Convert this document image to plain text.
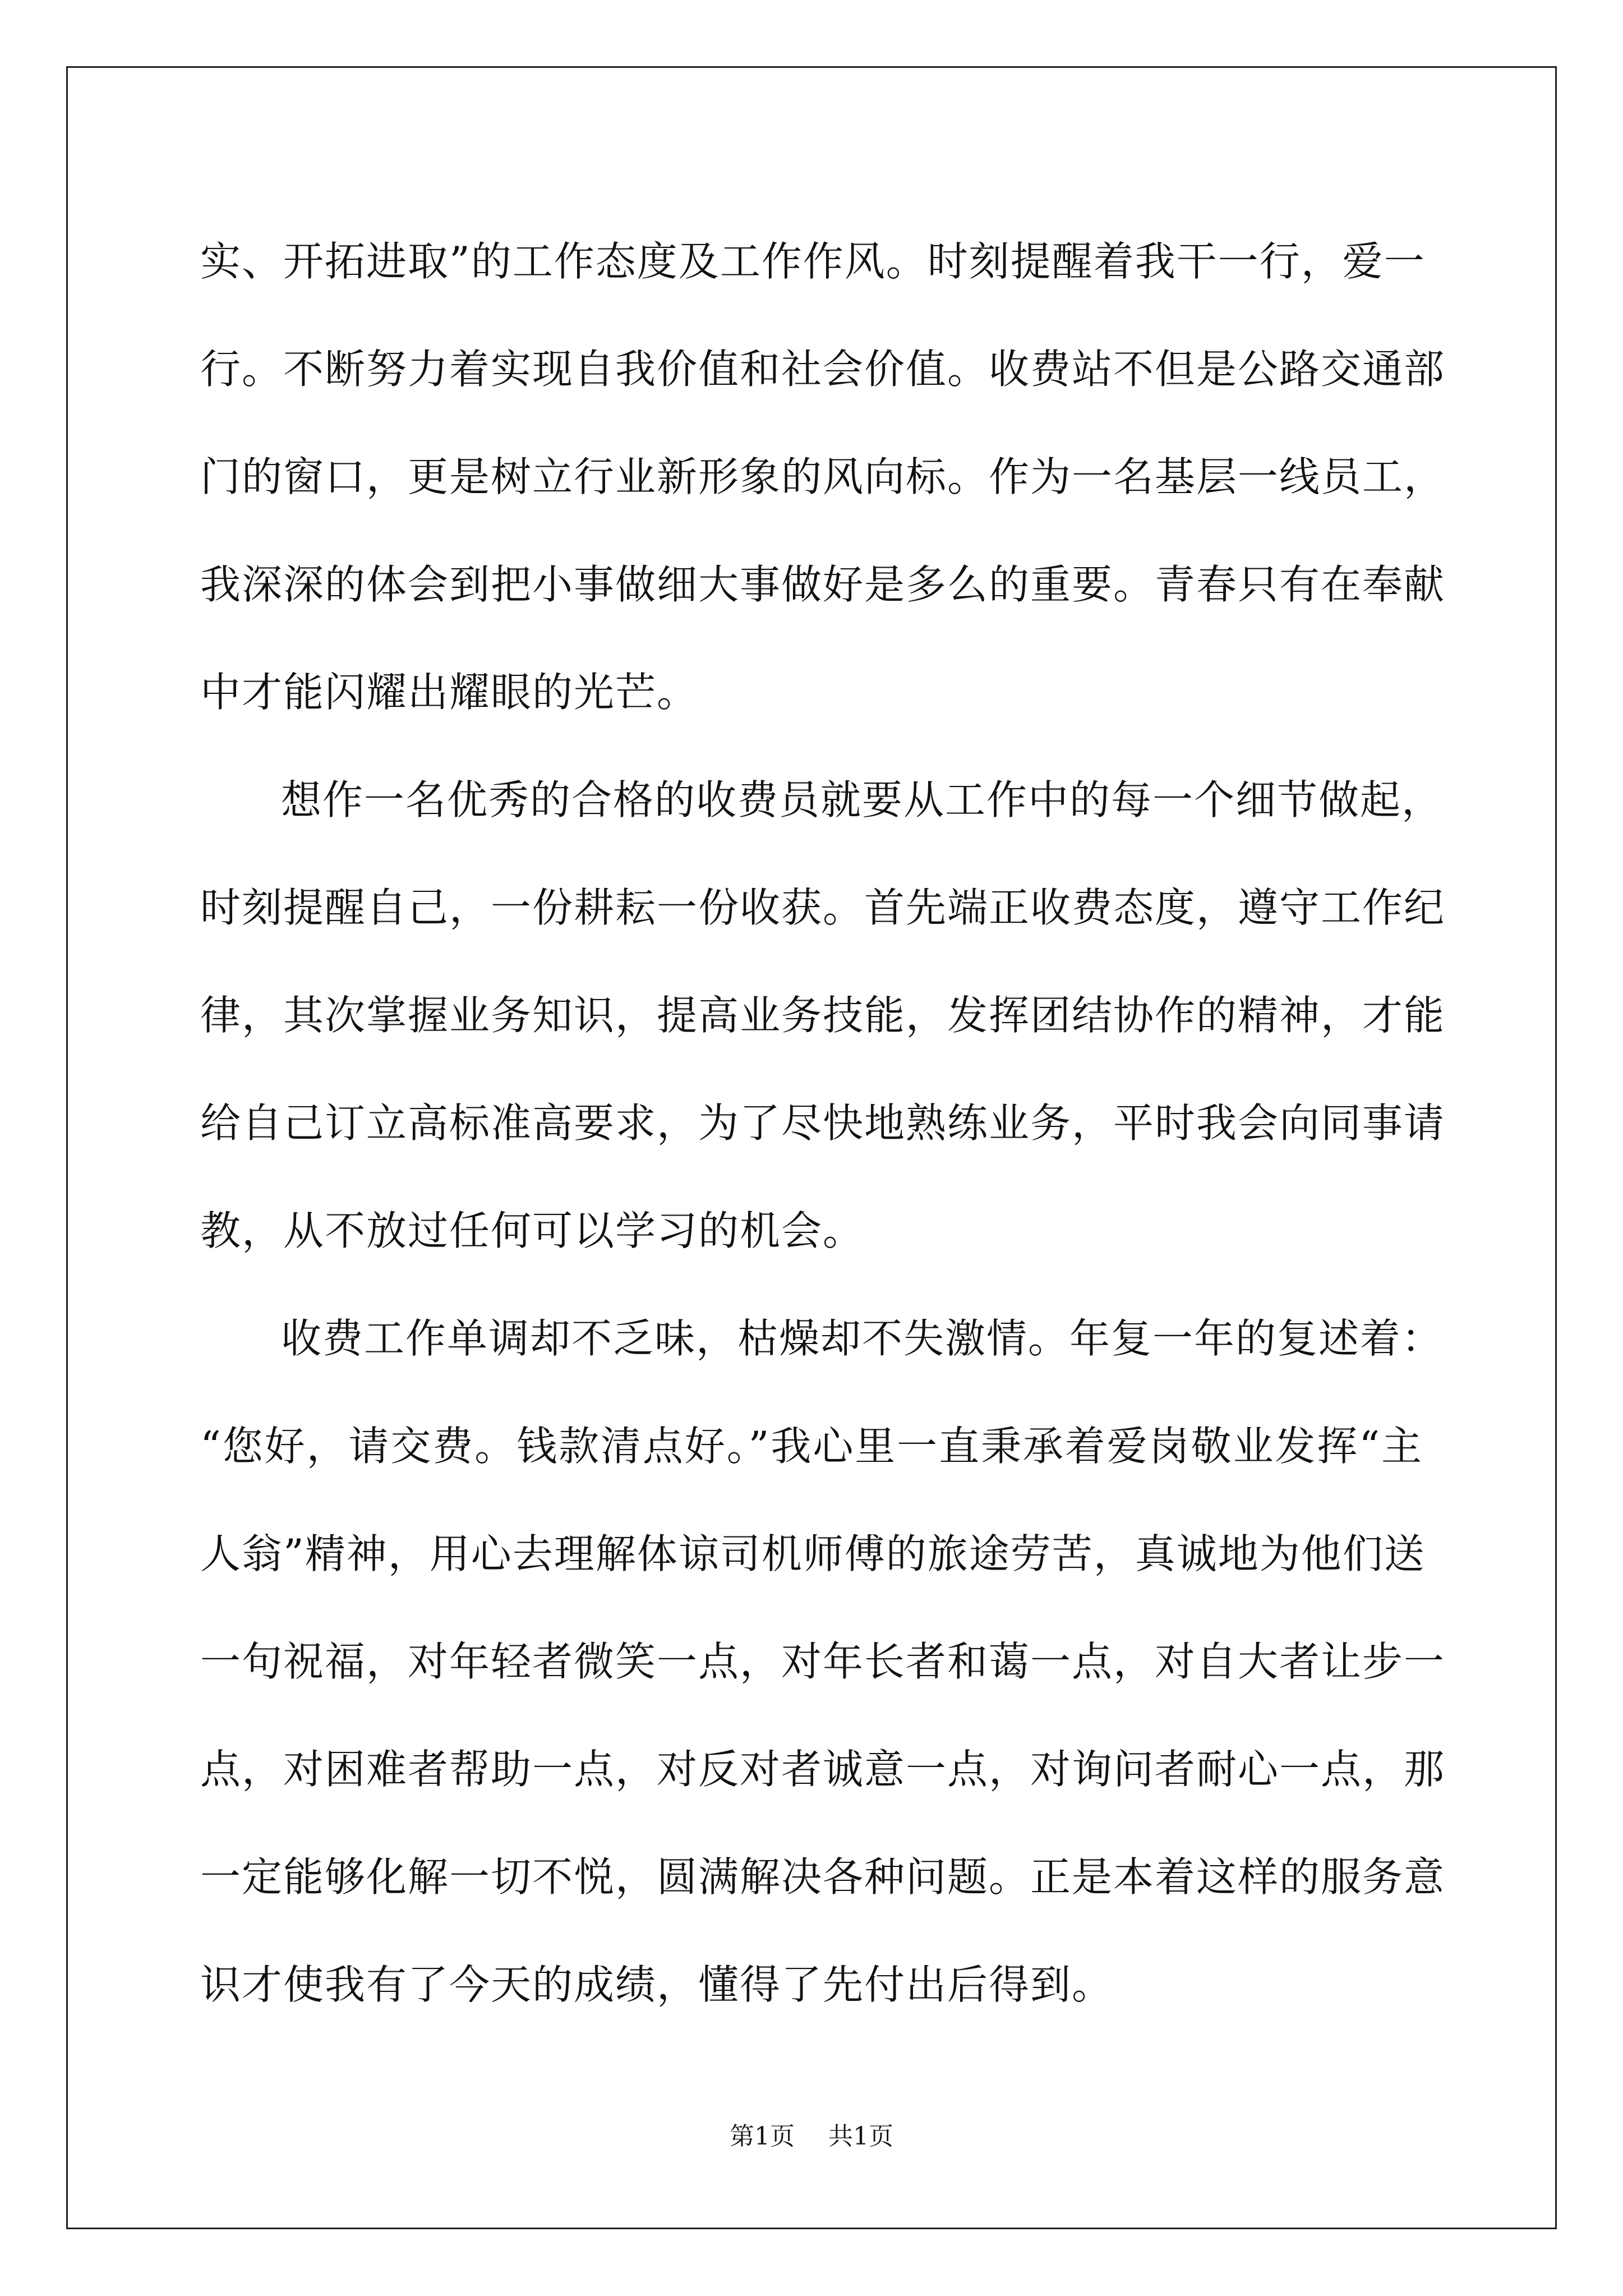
实、开拓进取”的工作态度及工作作风。时刻提醒着我干一行，爱一
行。不断努力着实现自我价值和社会价值。收费站不但是公路交通部
门的窗口，更是树立行业新形象的风向标。作为一名基层一线员工，
我深深的体会到把小事做细大事做好是多么的重要。青春只有在奉献
中才能闪耀出耀眼的光芒。
想作一名优秀的合格的收费员就要从工作中的每一个细节做起，
时刻提醒自己，一份耕耘一份收获。首先端正收费态度，遵守工作纪
律，其次掌握业务知识，提高业务技能，发挥团结协作的精神，才能
给自己订立高标准高要求，为了尽快地熟练业务，平时我会向同事请
教，从不放过任何可以学习的机会。
收费工作单调却不乏味，枯燥却不失激情。年复一年的复述着：
“您好，请交费。钱款清点好。”我心里一直秉承着爱岗敬业发挥“主
人翁”精神，用心去理解体谅司机师傅的旅途劳苦，真诚地为他们送
一句祝福，对年轻者微笑一点，对年长者和蔼一点，对自大者让步一
点，对困难者帮助一点，对反对者诚意一点，对询问者耐心一点，那
一定能够化解一切不悦，圆满解决各种问题。正是本着这样的服务意
识才使我有了今天的成绩，懂得了先付出后得到。
第1页 共1页
